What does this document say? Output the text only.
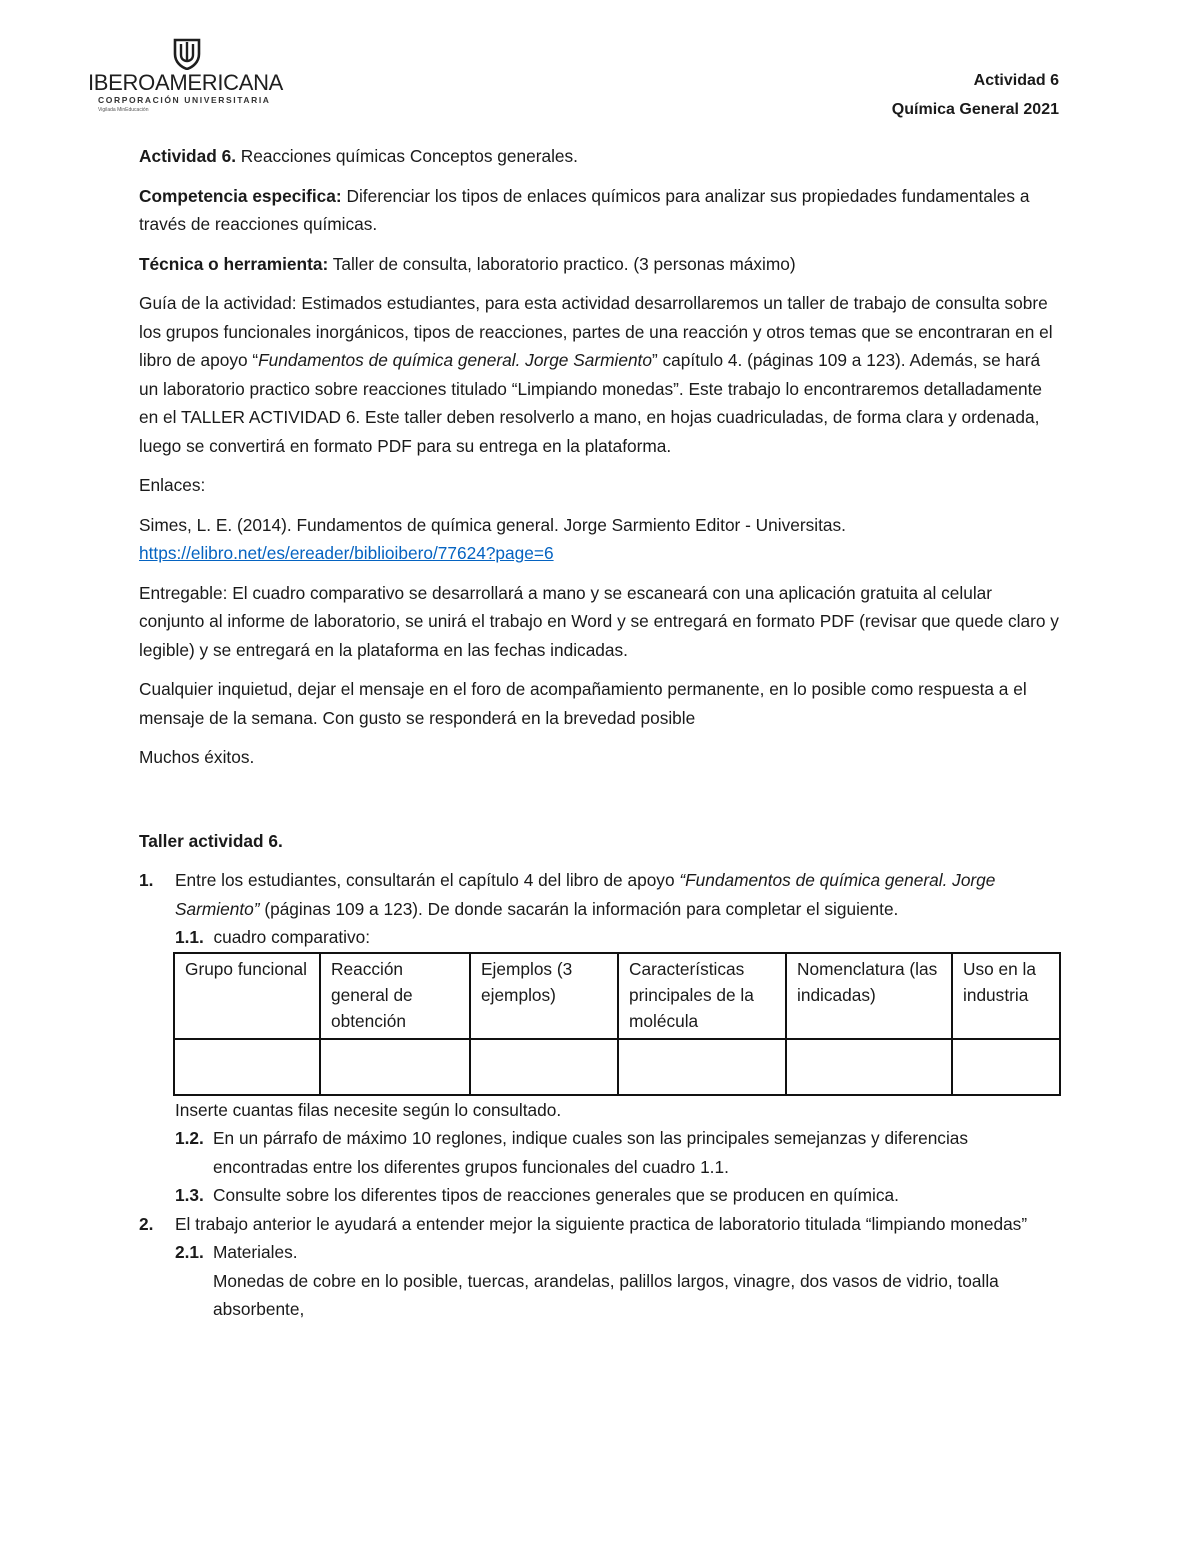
IBEROAMERICANA
CORPORACIÓN UNIVERSITARIA
Vigilada MinEducación
Actividad 6
Química General 2021

Actividad 6. Reacciones químicas Conceptos generales.

Competencia especifica: Diferenciar los tipos de enlaces químicos para analizar sus propiedades fundamentales a través de reacciones químicas.

Técnica o herramienta: Taller de consulta, laboratorio practico. (3 personas máximo)

Guía de la actividad: Estimados estudiantes, para esta actividad desarrollaremos un taller de trabajo de consulta sobre los grupos funcionales inorgánicos, tipos de reacciones, partes de una reacción y otros temas que se encontraran en el libro de apoyo “Fundamentos de química general. Jorge Sarmiento” capítulo 4. (páginas 109 a 123). Además, se hará un laboratorio practico sobre reacciones titulado “Limpiando monedas”. Este trabajo lo encontraremos detalladamente en el TALLER ACTIVIDAD 6. Este taller deben resolverlo a mano, en hojas cuadriculadas, de forma clara y ordenada, luego se convertirá en formato PDF para su entrega en la plataforma.

Enlaces:

Simes, L. E. (2014). Fundamentos de química general. Jorge Sarmiento Editor - Universitas.
https://elibro.net/es/ereader/biblioibero/77624?page=6

Entregable: El cuadro comparativo se desarrollará a mano y se escaneará con una aplicación gratuita al celular conjunto al informe de laboratorio, se unirá el trabajo en Word y se entregará en formato PDF (revisar que quede claro y legible) y se entregará en la plataforma en las fechas indicadas.

Cualquier inquietud, dejar el mensaje en el foro de acompañamiento permanente, en lo posible como respuesta a el mensaje de la semana. Con gusto se responderá en la brevedad posible

Muchos éxitos.

Taller actividad 6.

1. Entre los estudiantes, consultarán el capítulo 4 del libro de apoyo “Fundamentos de química general. Jorge Sarmiento” (páginas 109 a 123). De donde sacarán la información para completar el siguiente.
1.1. cuadro comparativo:
Grupo funcional	Reacción general de obtención	Ejemplos (3 ejemplos)	Características principales de la molécula	Nomenclatura (las indicadas)	Uso en la industria

Inserte cuantas filas necesite según lo consultado.
1.2. En un párrafo de máximo 10 reglones, indique cuales son las principales semejanzas y diferencias encontradas entre los diferentes grupos funcionales del cuadro 1.1.
1.3. Consulte sobre los diferentes tipos de reacciones generales que se producen en química.
2. El trabajo anterior le ayudará a entender mejor la siguiente practica de laboratorio titulada “limpiando monedas”
2.1. Materiales.
Monedas de cobre en lo posible, tuercas, arandelas, palillos largos, vinagre, dos vasos de vidrio, toalla absorbente,
